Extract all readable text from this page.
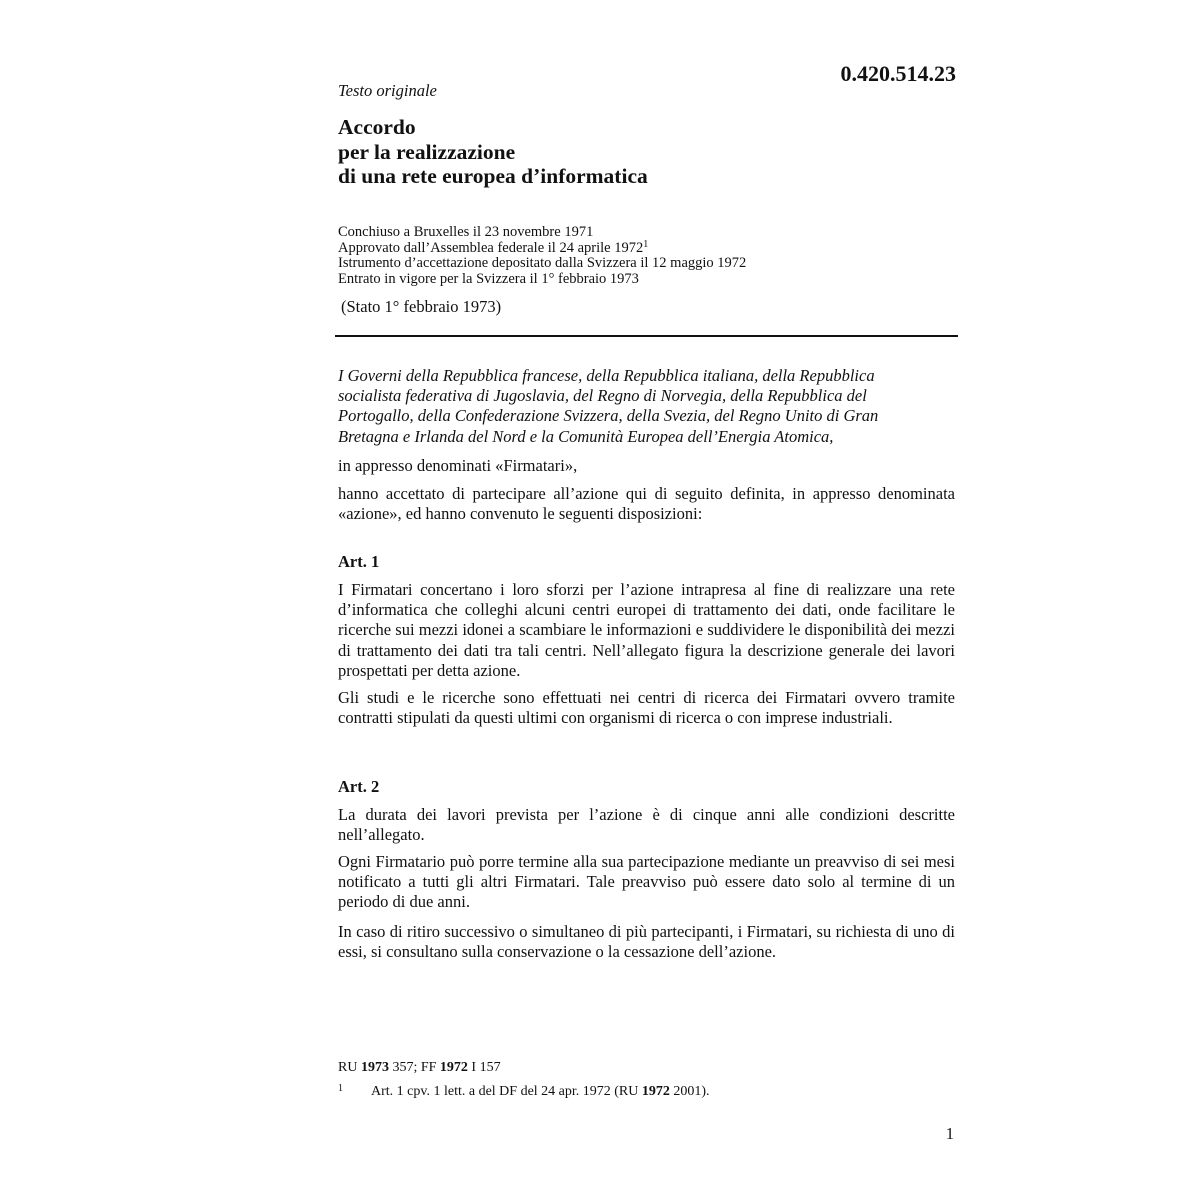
0.420.514.23
Testo originale
Accordo
per la realizzazione
di una rete europea d’informatica
Conchiuso a Bruxelles il 23 novembre 1971
Approvato dall’Assemblea federale il 24 aprile 1972$^1$
Istrumento d’accettazione depositato dalla Svizzera il 12 maggio 1972
Entrato in vigore per la Svizzera il 1° febbraio 1973
(Stato 1° febbraio 1973)
I Governi della Repubblica francese, della Repubblica italiana, della Repubblica
socialista federativa di Jugoslavia, del Regno di Norvegia, della Repubblica del
Portogallo, della Confederazione Svizzera, della Svezia, del Regno Unito di Gran
Bretagna e Irlanda del Nord e la Comunità Europea dell’Energia Atomica,

in appresso denominati «Firmatari»,

hanno accettato di partecipare all’azione qui di seguito definita, in appresso denominata «azione», ed hanno convenuto le seguenti disposizioni:

Art. 1

I Firmatari concertano i loro sforzi per l’azione intrapresa al fine di realizzare una rete d’informatica che colleghi alcuni centri europei di trattamento dei dati, onde facilitare le ricerche sui mezzi idonei a scambiare le informazioni e suddividere le disponibilità dei mezzi di trattamento dei dati tra tali centri. Nell’allegato figura la descrizione generale dei lavori prospettati per detta azione.

Gli studi e le ricerche sono effettuati nei centri di ricerca dei Firmatari ovvero tramite contratti stipulati da questi ultimi con organismi di ricerca o con imprese industriali.

Art. 2

La durata dei lavori prevista per l’azione è di cinque anni alle condizioni descritte nell’allegato.

Ogni Firmatario può porre termine alla sua partecipazione mediante un preavviso di sei mesi notificato a tutti gli altri Firmatari. Tale preavviso può essere dato solo al termine di un periodo di due anni.

In caso di ritiro successivo o simultaneo di più partecipanti, i Firmatari, su richiesta di uno di essi, si consultano sulla conservazione o la cessazione dell’azione.

RU 1973 357; FF 1972 I 157
1 Art. 1 cpv. 1 lett. a del DF del 24 apr. 1972 (RU 1972 2001).
1
